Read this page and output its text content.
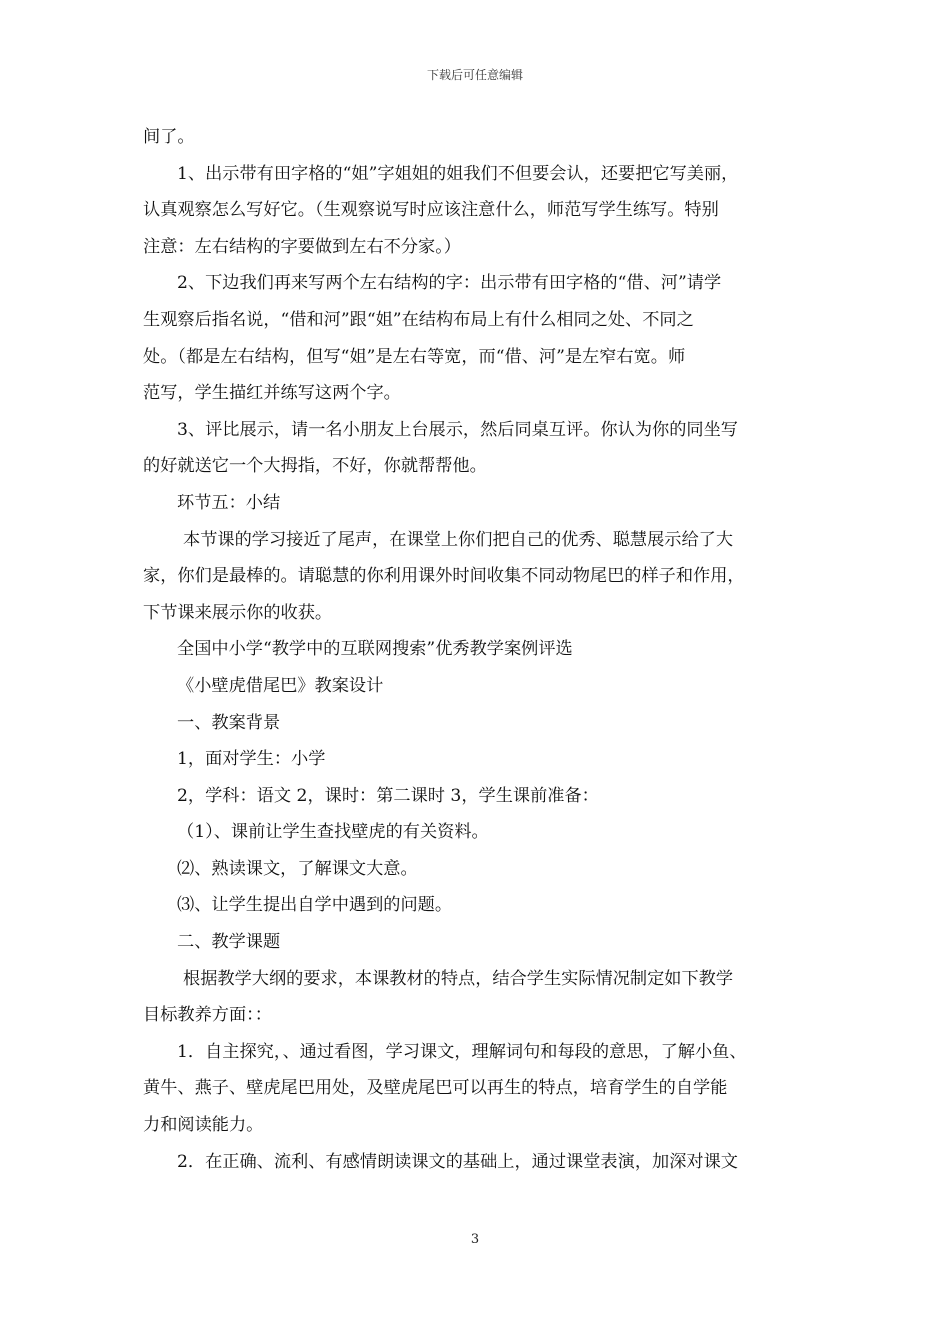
下载后可任意编辑
间了。
1、出示带有田字格的“姐”字姐姐的姐我们不但要会认，还要把它写美丽，
认真观察怎么写好它。（生观察说写时应该注意什么，师范写学生练写。特别
注意：左右结构的字要做到左右不分家。）
2、下边我们再来写两个左右结构的字：出示带有田字格的“借、河”请学
生观察后指名说，“借和河”跟“姐”在结构布局上有什么相同之处、不同之
处。（都是左右结构，但写“姐”是左右等宽，而“借、河”是左窄右宽。师
范写，学生描红并练写这两个字。
3、评比展示，请一名小朋友上台展示，然后同桌互评。你认为你的同坐写
的好就送它一个大拇指，不好，你就帮帮他。
环节五：小结
本节课的学习接近了尾声，在课堂上你们把自己的优秀、聪慧展示给了大
家，你们是最棒的。请聪慧的你利用课外时间收集不同动物尾巴的样子和作用，
下节课来展示你的收获。
全国中小学“教学中的互联网搜索”优秀教学案例评选
《小壁虎借尾巴》教案设计
一、教案背景
1，面对学生：小学
2，学科：语文 2，课时：第二课时 3，学生课前准备：
（1）、课前让学生查找壁虎的有关资料。
⑵、熟读课文，了解课文大意。
⑶、让学生提出自学中遇到的问题。
二、教学课题
根据教学大纲的要求，本课教材的特点，结合学生实际情况制定如下教学
目标教养方面：：
1．自主探究，、通过看图，学习课文，理解词句和每段的意思，了解小鱼、
黄牛、燕子、壁虎尾巴用处，及壁虎尾巴可以再生的特点，培育学生的自学能
力和阅读能力。
2．在正确、流利、有感情朗读课文的基础上，通过课堂表演，加深对课文
3
